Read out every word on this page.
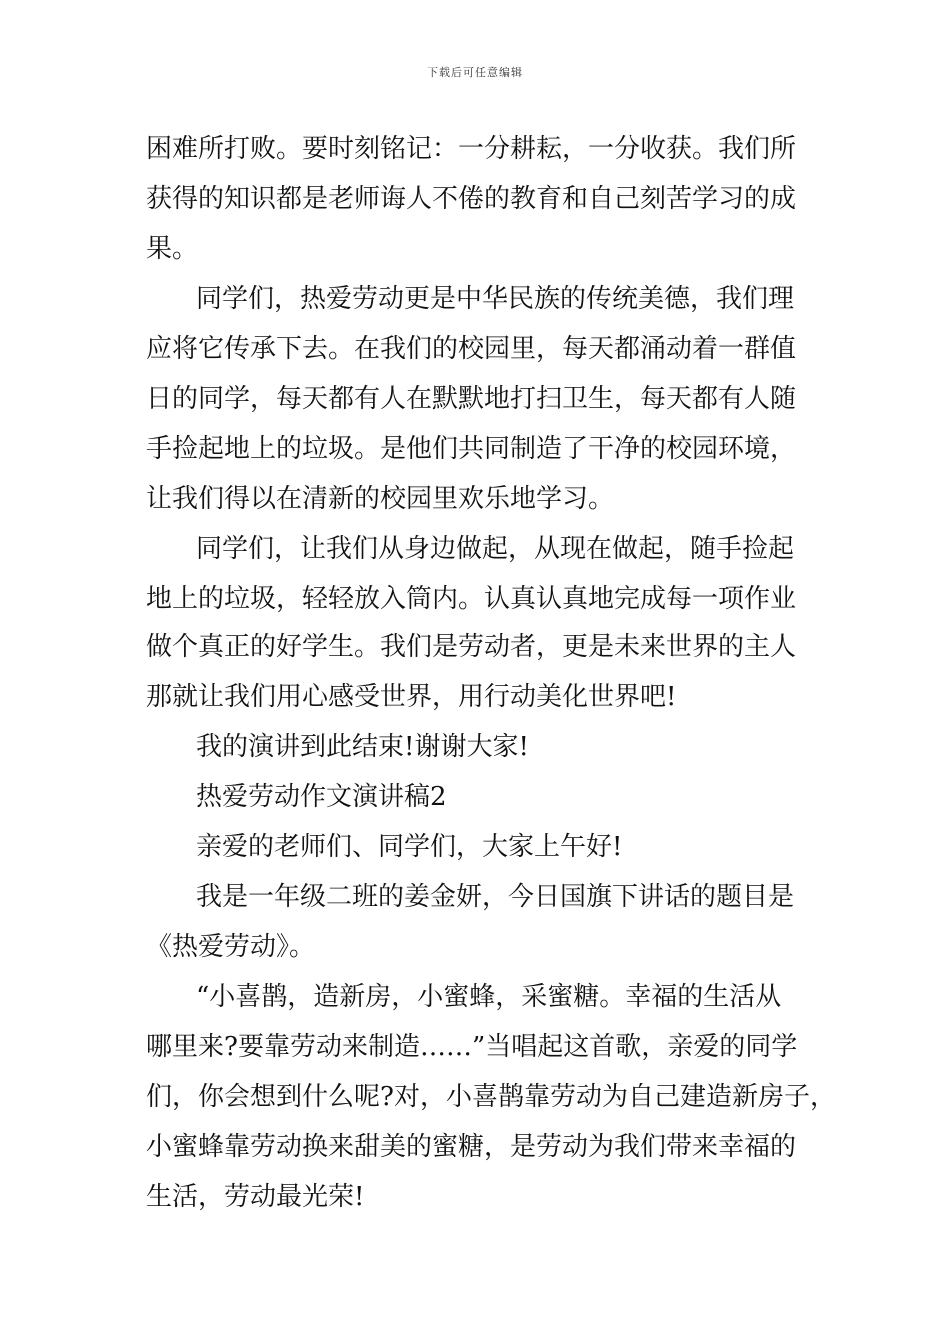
下载后可任意编辑
困难所打败。要时刻铭记：一分耕耘，一分收获。我们所
获得的知识都是老师诲人不倦的教育和自己刻苦学习的成
果。
同学们，热爱劳动更是中华民族的传统美德，我们理
应将它传承下去。在我们的校园里，每天都涌动着一群值
日的同学，每天都有人在默默地打扫卫生，每天都有人随
手捡起地上的垃圾。是他们共同制造了干净的校园环境，
让我们得以在清新的校园里欢乐地学习。
同学们，让我们从身边做起，从现在做起，随手捡起
地上的垃圾，轻轻放入筒内。认真认真地完成每一项作业
做个真正的好学生。我们是劳动者，更是未来世界的主人
那就让我们用心感受世界，用行动美化世界吧!
我的演讲到此结束!谢谢大家!
热爱劳动作文演讲稿2
亲爱的老师们、同学们，大家上午好!
我是一年级二班的姜金妍，今日国旗下讲话的题目是
《热爱劳动》。
“小喜鹊，造新房，小蜜蜂，采蜜糖。幸福的生活从
哪里来?要靠劳动来制造……”当唱起这首歌，亲爱的同学
们，你会想到什么呢?对，小喜鹊靠劳动为自己建造新房子，
小蜜蜂靠劳动换来甜美的蜜糖，是劳动为我们带来幸福的
生活，劳动最光荣!
